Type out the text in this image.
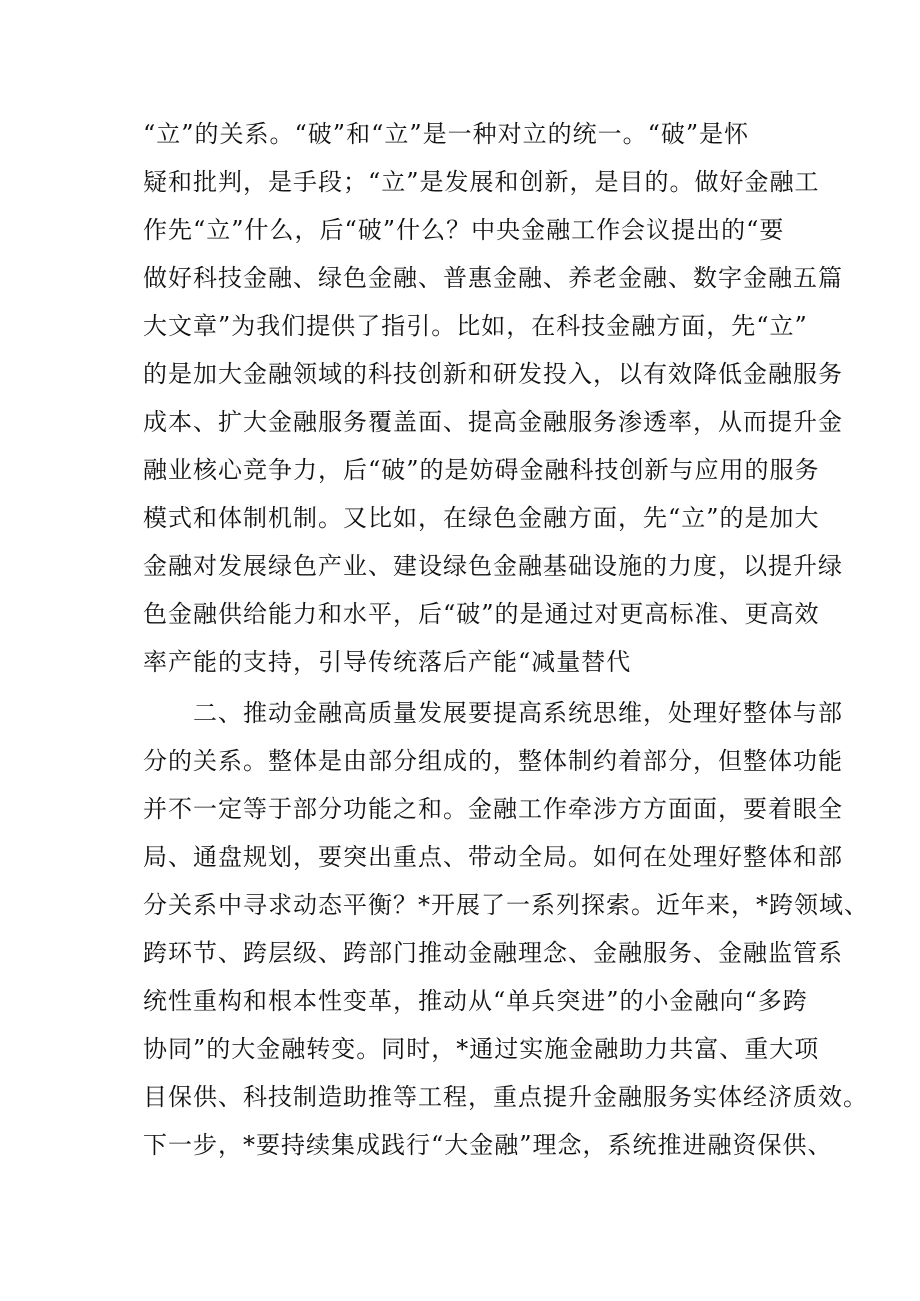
“立”的关系。“破”和“立”是一种对立的统一。“破”是怀
疑和批判，是手段；“立”是发展和创新，是目的。做好金融工
作先“立”什么，后“破”什么？中央金融工作会议提出的“要
做好科技金融、绿色金融、普惠金融、养老金融、数字金融五篇
大文章”为我们提供了指引。比如，在科技金融方面，先“立”
的是加大金融领域的科技创新和研发投入，以有效降低金融服务
成本、扩大金融服务覆盖面、提高金融服务渗透率，从而提升金
融业核心竞争力，后“破”的是妨碍金融科技创新与应用的服务
模式和体制机制。又比如，在绿色金融方面，先“立”的是加大
金融对发展绿色产业、建设绿色金融基础设施的力度，以提升绿
色金融供给能力和水平，后“破”的是通过对更高标准、更高效
率产能的支持，引导传统落后产能“减量替代
　　二、推动金融高质量发展要提高系统思维，处理好整体与部
分的关系。整体是由部分组成的，整体制约着部分，但整体功能
并不一定等于部分功能之和。金融工作牵涉方方面面，要着眼全
局、通盘规划，要突出重点、带动全局。如何在处理好整体和部
分关系中寻求动态平衡？*开展了一系列探索。近年来，*跨领域、
跨环节、跨层级、跨部门推动金融理念、金融服务、金融监管系
统性重构和根本性变革，推动从“单兵突进”的小金融向“多跨
协同”的大金融转变。同时，*通过实施金融助力共富、重大项
目保供、科技制造助推等工程，重点提升金融服务实体经济质效。
下一步，*要持续集成践行“大金融”理念，系统推进融资保供、
